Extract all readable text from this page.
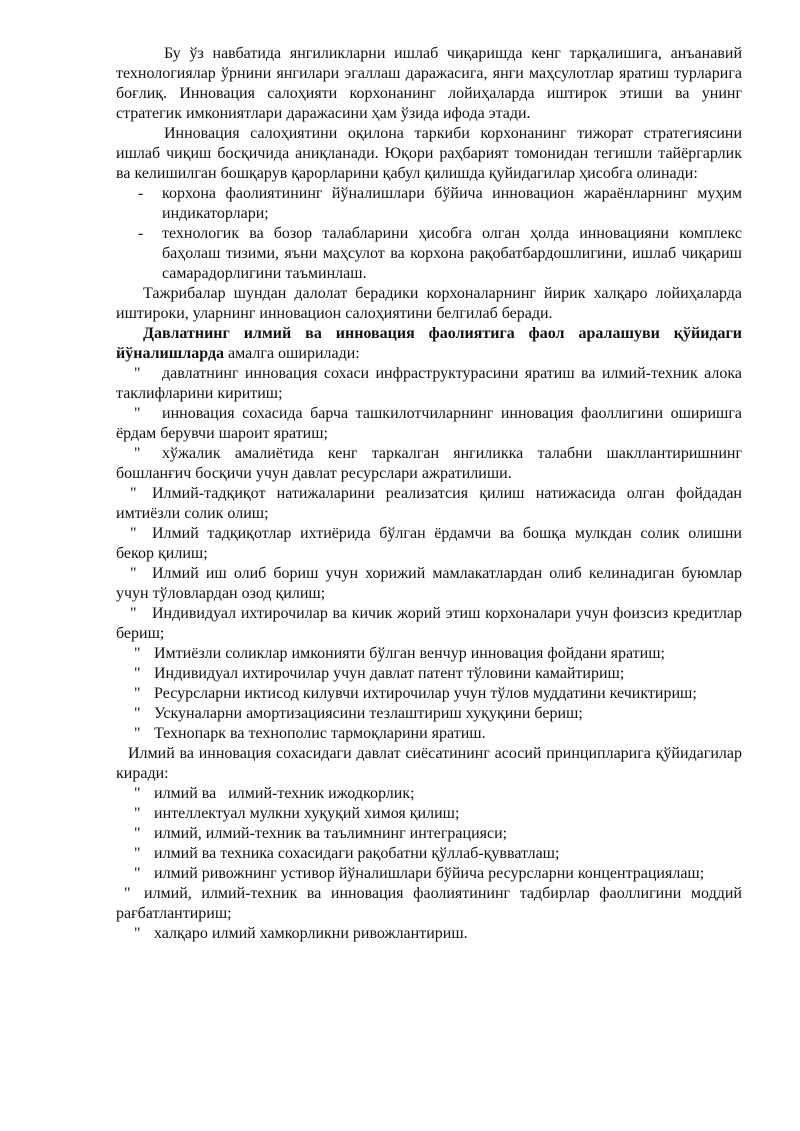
Бу ўз навбатида янгиликларни ишлаб чиқаришда кенг тарқалишига, анъанавий технологиялар ўрнини янгилари эгаллаш даражасига, янги маҳсулотлар яратиш турларига боғлиқ. Инновация салоҳияти корхонанинг лойиҳаларда иштирок этиши ва унинг стратегик имкониятлари даражасини ҳам ўзида ифода этади.

Инновация салоҳиятини оқилона таркиби корхонанинг тижорат стратегиясини ишлаб чиқиш босқичида аниқланади. Юқори раҳбарият томонидан тегишли тайёргарлик ва келишилган бошқарув қарорларини қабул қилишда қуйидагилар ҳисобга олинади:

- корхона фаолиятининг йўналишлари бўйича инновацион жараёнларнинг муҳим индикаторлари;

- технологик ва бозор талабларини ҳисобга олган ҳолда инновацияни комплекс баҳолаш тизими, яъни маҳсулот ва корхона рақобатбардошлигини, ишлаб чиқариш самарадорлигини таъминлаш.

Тажрибалар шундан далолат берадики корхоналарнинг йирик халқаро лойиҳаларда иштироки, уларнинг инновацион салоҳиятини белгилаб беради.

Давлатнинг илмий ва инновация фаолиятига фаол аралашуви қўйидаги йўналишларда амалга оширилади:

" давлатнинг инновация сохаси инфраструктурасини яратиш ва илмий-техник алока таклифларини киритиш;

" инновация сохасида барча ташкилотчиларнинг инновация фаоллигини оширишга ёрдам берувчи шароит яратиш;

" хўжалик амалиётида кенг таркалган янгиликка талабни шакллантиришнинг бошланғич босқичи учун давлат ресурслари ажратилиши.

" Илмий-тадқиқот натижаларини реализатсия қилиш натижасида олган фойдадан имтиёзли солик олиш;

" Илмий тадқиқотлар ихтиёрида бўлган ёрдамчи ва бошқа мулкдан солик олишни бекор қилиш;

" Илмий иш олиб бориш учун хорижий мамлакатлардан олиб келинадиган буюмлар учун тўловлардан озод қилиш;

" Индивидуал ихтирочилар ва кичик жорий этиш корхоналари учун фоизсиз кредитлар бериш;

" Имтиёзли соликлар имконияти бўлган венчур инновация фойдани яратиш;

" Индивидуал ихтирочилар учун давлат патент тўловини камайтириш;

" Ресурсларни иктисод килувчи ихтирочилар учун тўлов муддатини кечиктириш;

" Ускуналарни амортизациясини тезлаштириш хуқуқини бериш;

" Технопарк ва технополис тармоқларини яратиш.

Илмий ва инновация сохасидаги давлат сиёсатининг асосий принципларига қўйидагилар киради:

" илмий ва   илмий-техник ижодкорлик;

" интеллектуал мулкни хуқуқий химоя қилиш;

" илмий, илмий-техник ва таълимнинг интеграцияси;

" илмий ва техника сохасидаги рақобатни қўллаб-қувватлаш;

" илмий ривожнинг устивор йўналишлари бўйича ресурсларни концентрациялаш;

" илмий, илмий-техник ва инновация фаолиятининг тадбирлар фаоллигини моддий рағбатлантириш;

" халқаро илмий хамкорликни ривожлантириш.
